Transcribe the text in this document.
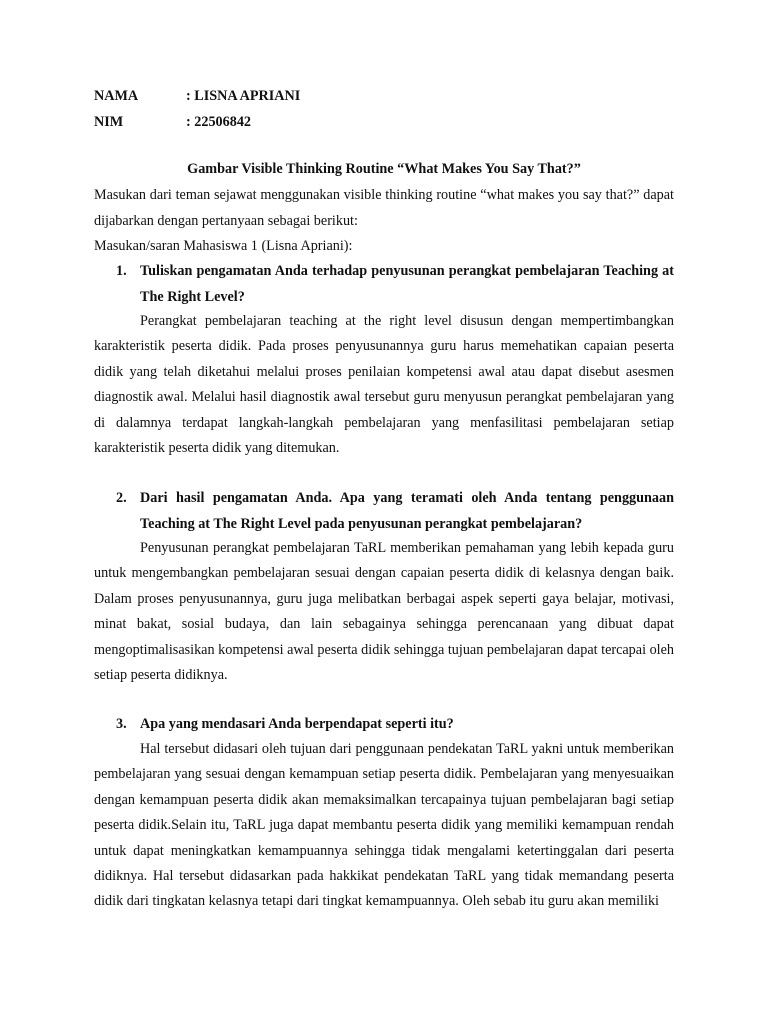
NAMA	: LISNA APRIANI
NIM	: 22506842
Gambar Visible Thinking Routine “What Makes You Say That?”
Masukan dari teman sejawat menggunakan visible thinking routine “what makes you say that?” dapat dijabarkan dengan pertanyaan sebagai berikut:
Masukan/saran Mahasiswa 1 (Lisna Apriani):
1. Tuliskan pengamatan Anda terhadap penyusunan perangkat pembelajaran Teaching at The Right Level?
Perangkat pembelajaran teaching at the right level disusun dengan mempertimbangkan karakteristik peserta didik. Pada proses penyusunannya guru harus memehatikan capaian peserta didik yang telah diketahui melalui proses penilaian kompetensi awal atau dapat disebut asesmen diagnostik awal. Melalui hasil diagnostik awal tersebut guru menyusun perangkat pembelajaran yang di dalamnya terdapat langkah-langkah pembelajaran yang menfasilitasi pembelajaran setiap karakteristik peserta didik yang ditemukan.
2. Dari hasil pengamatan Anda. Apa yang teramati oleh Anda tentang penggunaan Teaching at The Right Level pada penyusunan perangkat pembelajaran?
Penyusunan perangkat pembelajaran TaRL memberikan pemahaman yang lebih kepada guru untuk mengembangkan pembelajaran sesuai dengan capaian peserta didik di kelasnya dengan baik. Dalam proses penyusunannya, guru juga melibatkan berbagai aspek seperti gaya belajar, motivasi, minat bakat, sosial budaya, dan lain sebagainya sehingga perencanaan yang dibuat dapat mengoptimalisasikan kompetensi awal peserta didik sehingga tujuan pembelajaran dapat tercapai oleh setiap peserta didiknya.
3. Apa yang mendasari Anda berpendapat seperti itu?
Hal tersebut didasari oleh tujuan dari penggunaan pendekatan TaRL yakni untuk memberikan pembelajaran yang sesuai dengan kemampuan setiap peserta didik. Pembelajaran yang menyesuaikan dengan kemampuan peserta didik akan memaksimalkan tercapainya tujuan pembelajaran bagi setiap peserta didik.Selain itu, TaRL juga dapat membantu peserta didik yang memiliki kemampuan rendah untuk dapat meningkatkan kemampuannya sehingga tidak mengalami ketertinggalan dari peserta didiknya. Hal tersebut didasarkan pada hakkikat pendekatan TaRL yang tidak memandang peserta didik dari tingkatan kelasnya tetapi dari tingkat kemampuannya. Oleh sebab itu guru akan memiliki
